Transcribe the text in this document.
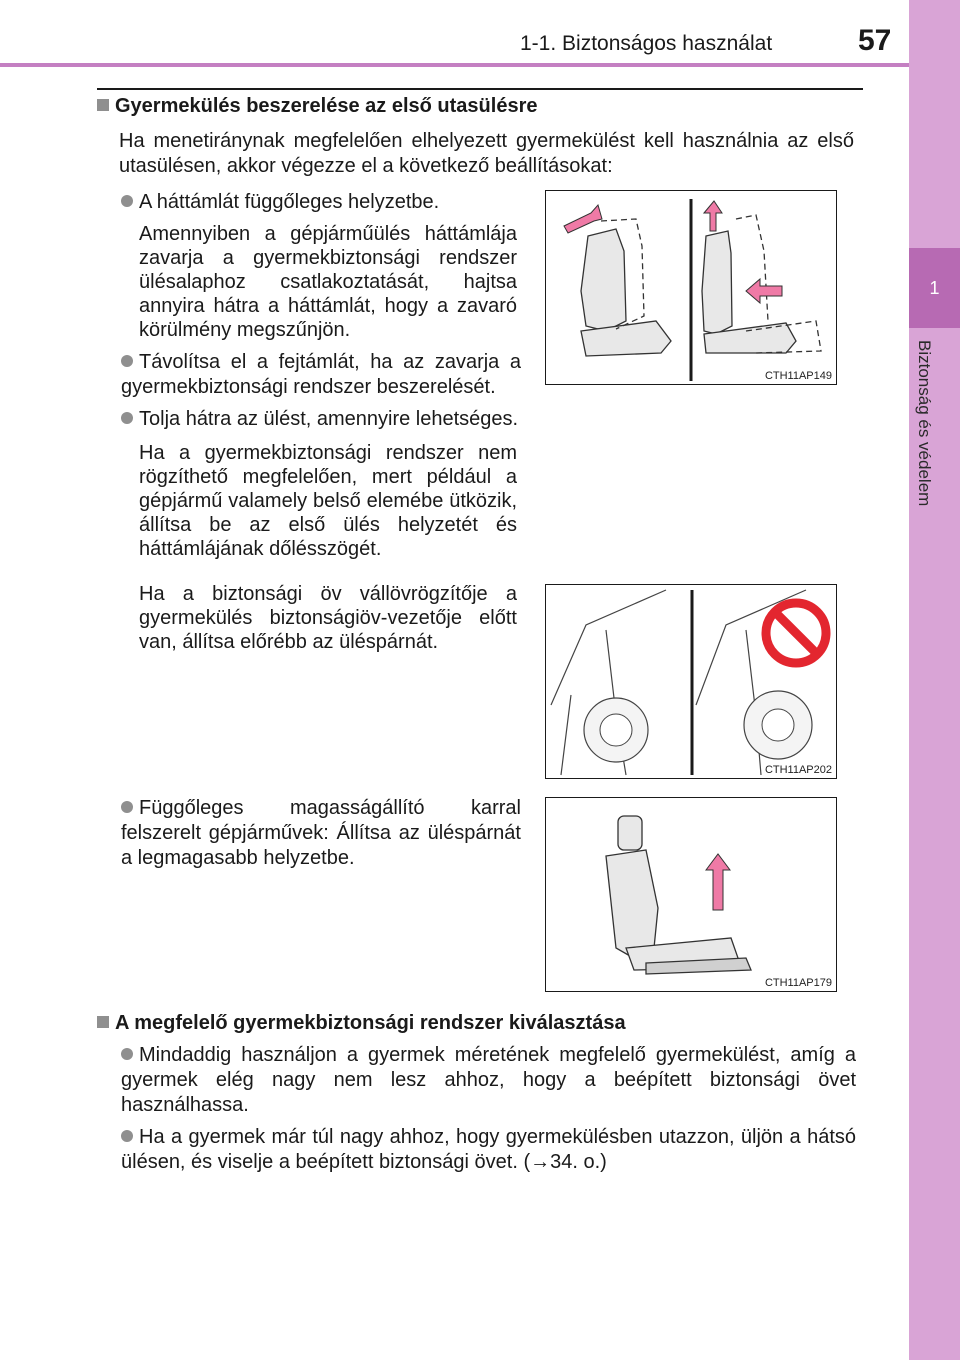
1-1. Biztonságos használat	57
1
Biztonság és védelem
Gyermekülés beszerelése az első utasülésre
Ha menetiránynak megfelelően elhelyezett gyermekülést kell használnia az első utasülésen, akkor végezze el a következő beállításokat:
A háttámlát függőleges helyzetbe.
Amennyiben a gépjárműülés háttámlája zavarja a gyermekbiztonsági rendszer ülésalaphoz csatlakoztatását, hajtsa annyira hátra a háttámlát, hogy a zavaró körülmény megszűnjön.
Távolítsa el a fejtámlát, ha az zavarja a gyermekbiztonsági rendszer beszerelését.
Tolja hátra az ülést, amennyire lehetséges.
Ha a gyermekbiztonsági rendszer nem rögzíthető megfelelően, mert például a gépjármű valamely belső elemébe ütközik, állítsa be az első ülés helyzetét és háttámlájának dőlésszögét.
Ha a biztonsági öv vállövrögzítője a gyermekülés biztonságiöv-vezetője előtt van, állítsa előrébb az üléspárnát.
Függőleges magasságállító karral felszerelt gépjárművek: Állítsa az üléspárnát a legmagasabb helyzetbe.
CTH11AP149
CTH11AP202
CTH11AP179
A megfelelő gyermekbiztonsági rendszer kiválasztása
Mindaddig használjon a gyermek méretének megfelelő gyermekülést, amíg a gyermek elég nagy nem lesz ahhoz, hogy a beépített biztonsági övet használhassa.
Ha a gyermek már túl nagy ahhoz, hogy gyermekülésben utazzon, üljön a hátsó ülésen, és viselje a beépített biztonsági övet. (→34. o.)
